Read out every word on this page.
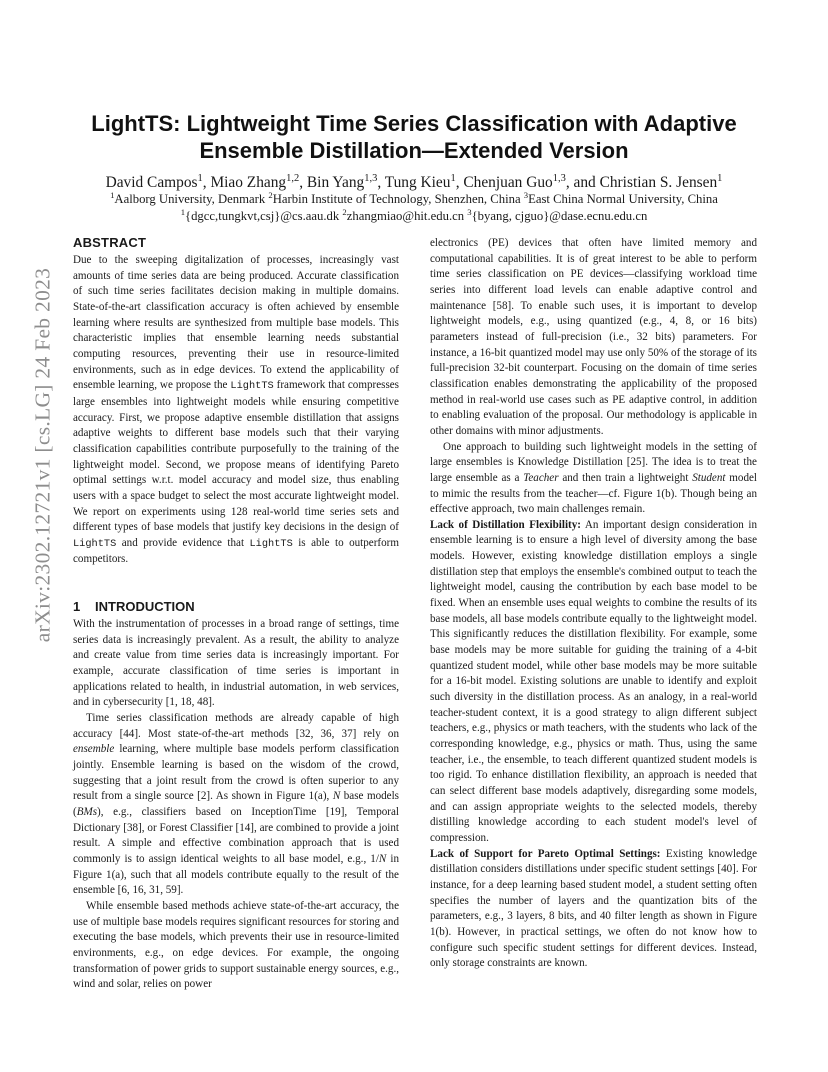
arXiv:2302.12721v1 [cs.LG] 24 Feb 2023
LightTS: Lightweight Time Series Classification with Adaptive
Ensemble Distillation—Extended Version
David Campos$^1$, Miao Zhang$^{1,2}$, Bin Yang$^{1,3}$, Tung Kieu$^1$, Chenjuan Guo$^{1,3}$, and Christian S. Jensen$^1$
$^1$Aalborg University, Denmark $^2$Harbin Institute of Technology, Shenzhen, China $^3$East China Normal University, China
$^1${dgcc,tungkvt,csj}@cs.aau.dk $^2$zhangmiao@hit.edu.cn $^3${byang, cjguo}@dase.ecnu.edu.cn
ABSTRACT

Due to the sweeping digitalization of processes, increasingly vast amounts of time series data are being produced. Accurate classification of such time series facilitates decision making in multiple domains. State-of-the-art classification accuracy is often achieved by ensemble learning where results are synthesized from multiple base models. This characteristic implies that ensemble learning needs substantial computing resources, preventing their use in resource-limited environments, such as in edge devices. To extend the applicability of ensemble learning, we propose the LightTS framework that compresses large ensembles into lightweight models while ensuring competitive accuracy. First, we propose adaptive ensemble distillation that assigns adaptive weights to different base models such that their varying classification capabilities contribute purposefully to the training of the lightweight model. Second, we propose means of identifying Pareto optimal settings w.r.t. model accuracy and model size, thus enabling users with a space budget to select the most accurate lightweight model. We report on experiments using 128 real-world time series sets and different types of base models that justify key decisions in the design of LightTS and provide evidence that LightTS is able to outperform competitors.

1 INTRODUCTION

With the instrumentation of processes in a broad range of settings, time series data is increasingly prevalent. As a result, the ability to analyze and create value from time series data is increasingly important. For example, accurate classification of time series is important in applications related to health, in industrial automation, in web services, and in cybersecurity [1, 18, 48].

Time series classification methods are already capable of high accuracy [44]. Most state-of-the-art methods [32, 36, 37] rely on ensemble learning, where multiple base models perform classification jointly. Ensemble learning is based on the wisdom of the crowd, suggesting that a joint result from the crowd is often superior to any result from a single source [2]. As shown in Figure 1(a), N base models (BMs), e.g., classifiers based on InceptionTime [19], Temporal Dictionary [38], or Forest Classifier [14], are combined to provide a joint result. A simple and effective combination approach that is used commonly is to assign identical weights to all base model, e.g., 1/N in Figure 1(a), such that all models contribute equally to the result of the ensemble [6, 16, 31, 59].

While ensemble based methods achieve state-of-the-art accuracy, the use of multiple base models requires significant resources for storing and executing the base models, which prevents their use in resource-limited environments, e.g., on edge devices. For example, the ongoing transformation of power grids to support sustainable energy sources, e.g., wind and solar, relies on power

electronics (PE) devices that often have limited memory and computational capabilities. It is of great interest to be able to perform time series classification on PE devices—classifying workload time series into different load levels can enable adaptive control and maintenance [58]. To enable such uses, it is important to develop lightweight models, e.g., using quantized (e.g., 4, 8, or 16 bits) parameters instead of full-precision (i.e., 32 bits) parameters. For instance, a 16-bit quantized model may use only 50% of the storage of its full-precision 32-bit counterpart. Focusing on the domain of time series classification enables demonstrating the applicability of the proposed method in real-world use cases such as PE adaptive control, in addition to enabling evaluation of the proposal. Our methodology is applicable in other domains with minor adjustments.

One approach to building such lightweight models in the setting of large ensembles is Knowledge Distillation [25]. The idea is to treat the large ensemble as a Teacher and then train a lightweight Student model to mimic the results from the teacher—cf. Figure 1(b). Though being an effective approach, two main challenges remain.

Lack of Distillation Flexibility: An important design consideration in ensemble learning is to ensure a high level of diversity among the base models. However, existing knowledge distillation employs a single distillation step that employs the ensemble's combined output to teach the lightweight model, causing the contribution by each base model to be fixed. When an ensemble uses equal weights to combine the results of its base models, all base models contribute equally to the lightweight model. This significantly reduces the distillation flexibility. For example, some base models may be more suitable for guiding the training of a 4-bit quantized student model, while other base models may be more suitable for a 16-bit model. Existing solutions are unable to identify and exploit such diversity in the distillation process. As an analogy, in a real-world teacher-student context, it is a good strategy to align different subject teachers, e.g., physics or math teachers, with the students who lack of the corresponding knowledge, e.g., physics or math. Thus, using the same teacher, i.e., the ensemble, to teach different quantized student models is too rigid. To enhance distillation flexibility, an approach is needed that can select different base models adaptively, disregarding some models, and can assign appropriate weights to the selected models, thereby distilling knowledge according to each student model's level of compression.

Lack of Support for Pareto Optimal Settings: Existing knowledge distillation considers distillations under specific student settings [40]. For instance, for a deep learning based student model, a student setting often specifies the number of layers and the quantization bits of the parameters, e.g., 3 layers, 8 bits, and 40 filter length as shown in Figure 1(b). However, in practical settings, we often do not know how to configure such specific student settings for different devices. Instead, only storage constraints are known.
